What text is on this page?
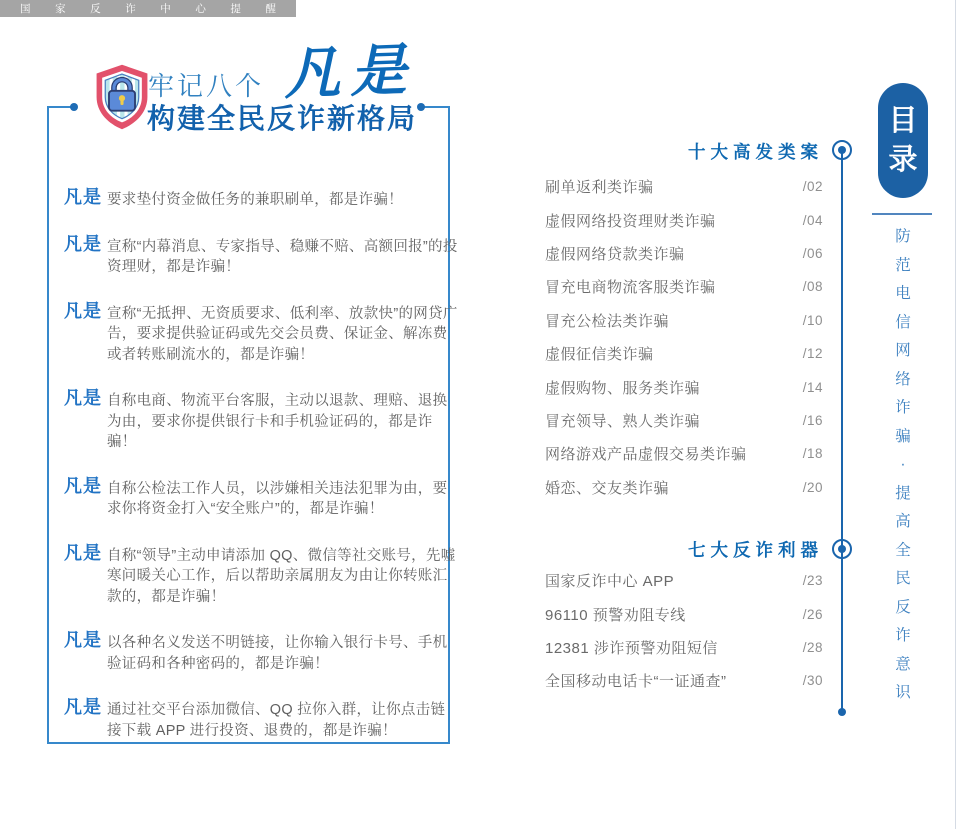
牢记八个 凡是
构建全民反诈新格局
国 家 反 诈 中 心 提 醒
凡是 要求垫付资金做任务的兼职刷单，都是诈骗！
凡是 宣称“内幕消息、专家指导、稳赚不赔、高额回报”的投资理财，都是诈骗！
凡是 宣称“无抵押、无资质要求、低利率、放款快”的网贷广告，要求提供验证码或先交会员费、保证金、解冻费或者转账刷流水的，都是诈骗！
凡是 自称电商、物流平台客服，主动以退款、理赔、退换为由，要求你提供银行卡和手机验证码的，都是诈骗！
凡是 自称公检法工作人员，以涉嫌相关违法犯罪为由，要求你将资金打入“安全账户”的，都是诈骗！
凡是 自称“领导”主动申请添加 QQ、微信等社交账号，先嘘寒问暖关心工作，后以帮助亲属朋友为由让你转账汇款的，都是诈骗！
凡是 以各种名义发送不明链接，让你输入银行卡号、手机验证码和各种密码的，都是诈骗！
凡是 通过社交平台添加微信、QQ 拉你入群，让你点击链接下载 APP 进行投资、退费的，都是诈骗！
十大高发类案
刷单返利类诈骗	/02
虚假网络投资理财类诈骗	/04
虚假网络贷款类诈骗	/06
冒充电商物流客服类诈骗	/08
冒充公检法类诈骗	/10
虚假征信类诈骗	/12
虚假购物、服务类诈骗	/14
冒充领导、熟人类诈骗	/16
网络游戏产品虚假交易类诈骗	/18
婚恋、交友类诈骗	/20
七大反诈利器
国家反诈中心 APP	/23
96110 预警劝阻专线	/26
12381 涉诈预警劝阻短信	/28
全国移动电话卡“一证通查”	/30
目
录
防
范
电
信
网
络
诈
骗
·
提
高
全
民
反
诈
意
识
